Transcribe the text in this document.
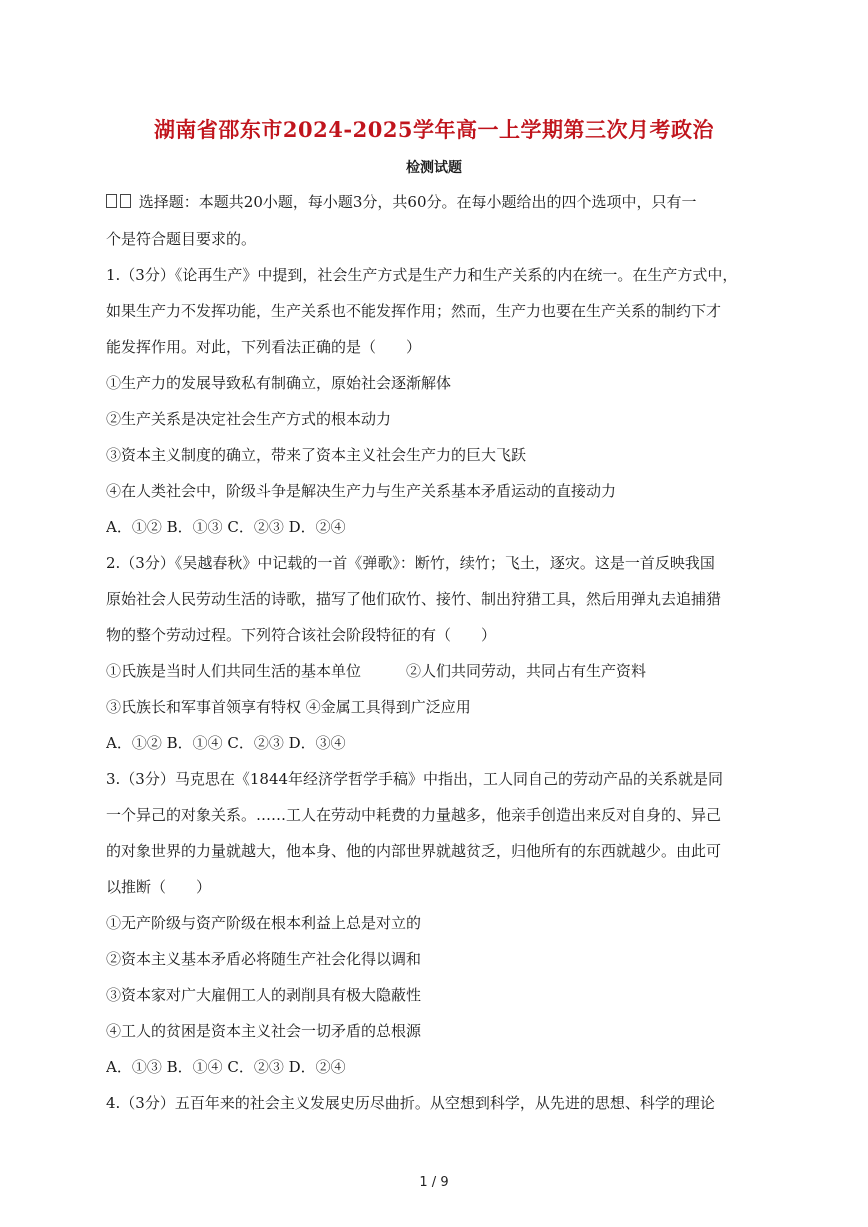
湖南省邵东市2024-2025学年高一上学期第三次月考政治
检测试题
选择题：本题共20小题，每小题3分，共60分。在每小题给出的四个选项中，只有一
个是符合题目要求的。
1.（3分）《论再生产》中提到，社会生产方式是生产力和生产关系的内在统一。在生产方式中，
如果生产力不发挥功能，生产关系也不能发挥作用；然而，生产力也要在生产关系的制约下才
能发挥作用。对此，下列看法正确的是（　　）
①生产力的发展导致私有制确立，原始社会逐渐解体
②生产关系是决定社会生产方式的根本动力
③资本主义制度的确立，带来了资本主义社会生产力的巨大飞跃
④在人类社会中，阶级斗争是解决生产力与生产关系基本矛盾运动的直接动力
A．①② B．①③ C．②③ D．②④
2.（3分）《吴越春秋》中记载的一首《弹歌》：断竹，续竹；飞土，逐灾。这是一首反映我国
原始社会人民劳动生活的诗歌，描写了他们砍竹、接竹、制出狩猎工具，然后用弹丸去追捕猎
物的整个劳动过程。下列符合该社会阶段特征的有（　　）
①氏族是当时人们共同生活的基本单位　　　②人们共同劳动，共同占有生产资料
③氏族长和军事首领享有特权 ④金属工具得到广泛应用
A．①② B．①④ C．②③ D．③④
3.（3分）马克思在《1844年经济学哲学手稿》中指出，工人同自己的劳动产品的关系就是同
一个异己的对象关系。……工人在劳动中耗费的力量越多，他亲手创造出来反对自身的、异己
的对象世界的力量就越大，他本身、他的内部世界就越贫乏，归他所有的东西就越少。由此可
以推断（　　）
①无产阶级与资产阶级在根本利益上总是对立的
②资本主义基本矛盾必将随生产社会化得以调和
③资本家对广大雇佣工人的剥削具有极大隐蔽性
④工人的贫困是资本主义社会一切矛盾的总根源
A．①③ B．①④ C．②③ D．②④
4.（3分）五百年来的社会主义发展史历尽曲折。从空想到科学，从先进的思想、科学的理论
1 / 9
